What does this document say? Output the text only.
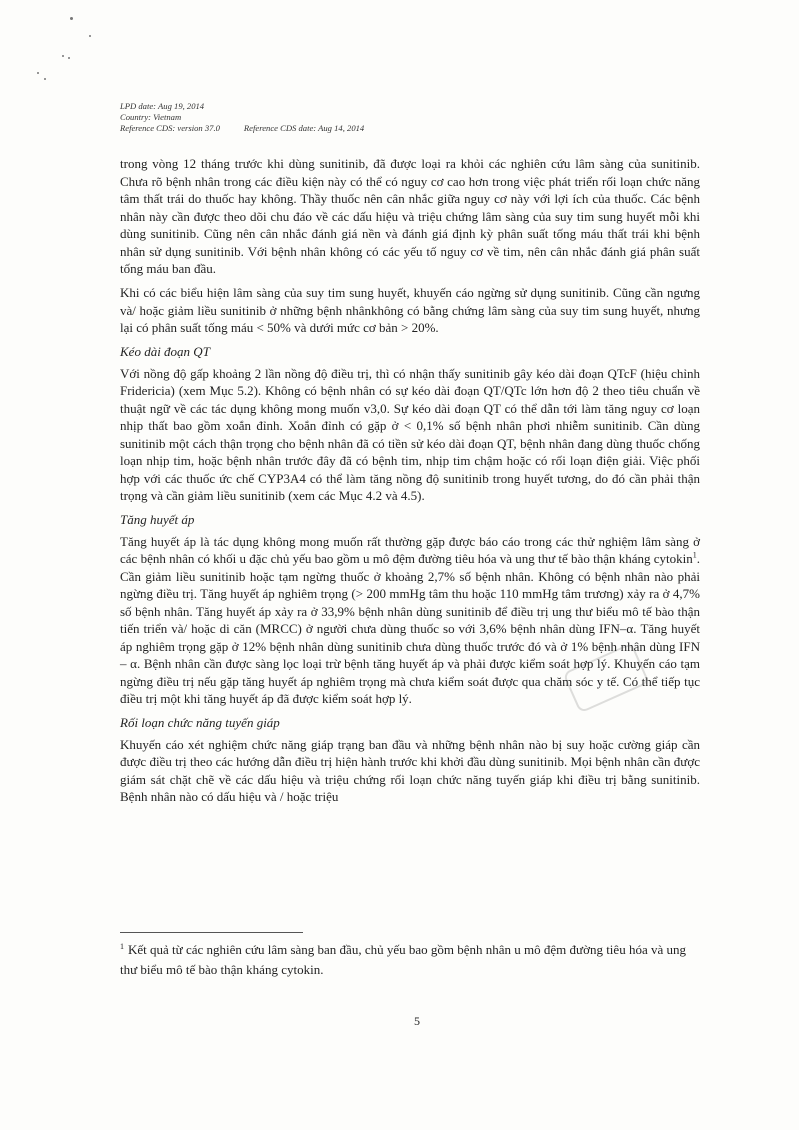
LPD date: Aug 19, 2014
Country: Vietnam
Reference CDS: version 37.0	Reference CDS date: Aug 14, 2014

trong vòng 12 tháng trước khi dùng sunitinib, đã được loại ra khỏi các nghiên cứu lâm sàng của sunitinib. Chưa rõ bệnh nhân trong các điều kiện này có thể có nguy cơ cao hơn trong việc phát triển rối loạn chức năng tâm thất trái do thuốc hay không. Thầy thuốc nên cân nhắc giữa nguy cơ này với lợi ích của thuốc. Các bệnh nhân này cần được theo dõi chu đáo về các dấu hiệu và triệu chứng lâm sàng của suy tim sung huyết mỗi khi dùng sunitinib. Cũng nên cân nhắc đánh giá nền và đánh giá định kỳ phân suất tống máu thất trái khi bệnh nhân sử dụng sunitinib. Với bệnh nhân không có các yếu tố nguy cơ về tim, nên cân nhắc đánh giá phân suất tống máu ban đầu.

Khi có các biểu hiện lâm sàng của suy tim sung huyết, khuyến cáo ngừng sử dụng sunitinib. Cũng cần ngưng và/ hoặc giảm liều sunitinib ở những bệnh nhânkhông có bằng chứng lâm sàng của suy tim sung huyết, nhưng lại có phân suất tống máu < 50% và dưới mức cơ bản > 20%.

Kéo dài đoạn QT

Với nồng độ gấp khoảng 2 lần nồng độ điều trị, thì có nhận thấy sunitinib gây kéo dài đoạn QTcF (hiệu chỉnh Fridericia) (xem Mục 5.2). Không có bệnh nhân có sự kéo dài đoạn QT/QTc lớn hơn độ 2 theo tiêu chuẩn về thuật ngữ về các tác dụng không mong muốn v3,0. Sự kéo dài đoạn QT có thể dẫn tới làm tăng nguy cơ loạn nhịp thất bao gồm xoắn đỉnh. Xoắn đỉnh có gặp ở < 0,1% số bệnh nhân phơi nhiễm sunitinib. Cần dùng sunitinib một cách thận trọng cho bệnh nhân đã có tiền sử kéo dài đoạn QT, bệnh nhân đang dùng thuốc chống loạn nhịp tim, hoặc bệnh nhân trước đây đã có bệnh tim, nhịp tim chậm hoặc có rối loạn điện giải. Việc phối hợp với các thuốc ức chế CYP3A4 có thể làm tăng nồng độ sunitinib trong huyết tương, do đó cần phải thận trọng và cần giảm liều sunitinib (xem các Mục 4.2 và 4.5).

Tăng huyết áp

Tăng huyết áp là tác dụng không mong muốn rất thường gặp được báo cáo trong các thử nghiệm lâm sàng ở các bệnh nhân có khối u đặc chủ yếu bao gồm u mô đệm đường tiêu hóa và ung thư tế bào thận kháng cytokin$^1$. Cần giảm liều sunitinib hoặc tạm ngừng thuốc ở khoảng 2,7% số bệnh nhân. Không có bệnh nhân nào phải ngừng điều trị. Tăng huyết áp nghiêm trọng (> 200 mmHg tâm thu hoặc 110 mmHg tâm trương) xảy ra ở 4,7% số bệnh nhân. Tăng huyết áp xảy ra ở 33,9% bệnh nhân dùng sunitinib để điều trị ung thư biểu mô tế bào thận tiến triển và/ hoặc di căn (MRCC) ở người chưa dùng thuốc so với 3,6% bệnh nhân dùng IFN–α. Tăng huyết áp nghiêm trọng gặp ở 12% bệnh nhân dùng sunitinib chưa dùng thuốc trước đó và ở 1% bệnh nhân dùng IFN – α. Bệnh nhân cần được sàng lọc loại trừ bệnh tăng huyết áp và phải được kiểm soát hợp lý. Khuyến cáo tạm ngừng điều trị nếu gặp tăng huyết áp nghiêm trọng mà chưa kiểm soát được qua chăm sóc y tế. Có thể tiếp tục điều trị một khi tăng huyết áp đã được kiểm soát hợp lý.

Rối loạn chức năng tuyến giáp

Khuyến cáo xét nghiệm chức năng giáp trạng ban đầu và những bệnh nhân nào bị suy hoặc cường giáp cần được điều trị theo các hướng dẫn điều trị hiện hành trước khi khởi đầu dùng sunitinib. Mọi bệnh nhân cần được giám sát chặt chẽ về các dấu hiệu và triệu chứng rối loạn chức năng tuyến giáp khi điều trị bằng sunitinib. Bệnh nhân nào có dấu hiệu và / hoặc triệu

$^1$ Kết quả từ các nghiên cứu lâm sàng ban đầu, chủ yếu bao gồm bệnh nhân u mô đệm đường tiêu hóa và ung thư biểu mô tế bào thận kháng cytokin.
5
